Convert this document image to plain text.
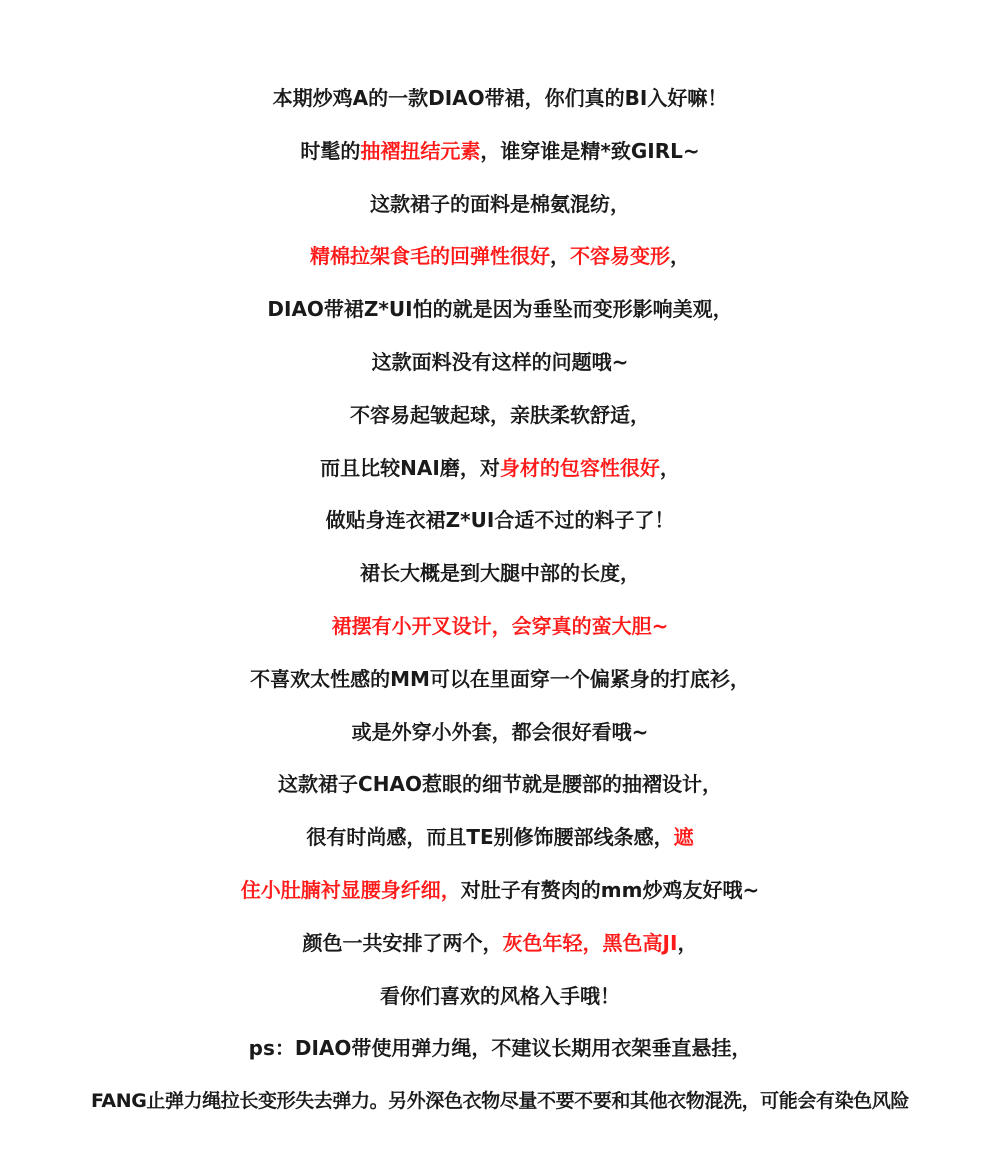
本期炒鸡A的一款DIAO带裙，你们真的BI入好嘛！
时髦的抽褶扭结元素，谁穿谁是精*致GIRL~
这款裙子的面料是棉氨混纺，
精棉拉架食毛的回弹性很好，不容易变形，
DIAO带裙Z*UI怕的就是因为垂坠而变形影响美观，
这款面料没有这样的问题哦~
不容易起皱起球，亲肤柔软舒适，
而且比较NAI磨，对身材的包容性很好，
做贴身连衣裙Z*UI合适不过的料子了！
裙长大概是到大腿中部的长度，
裙摆有小开叉设计，会穿真的蛮大胆~
不喜欢太性感的MM可以在里面穿一个偏紧身的打底衫，
或是外穿小外套，都会很好看哦~
这款裙子CHAO惹眼的细节就是腰部的抽褶设计，
很有时尚感，而且TE别修饰腰部线条感，遮
住小肚腩衬显腰身纤细，对肚子有赘肉的mm炒鸡友好哦~
颜色一共安排了两个，灰色年轻，黑色高JI，
看你们喜欢的风格入手哦！
ps：DIAO带使用弹力绳，不建议长期用衣架垂直悬挂，
FANG止弹力绳拉长变形失去弹力。另外深色衣物尽量不要不要和其他衣物混洗，可能会有染色风险
